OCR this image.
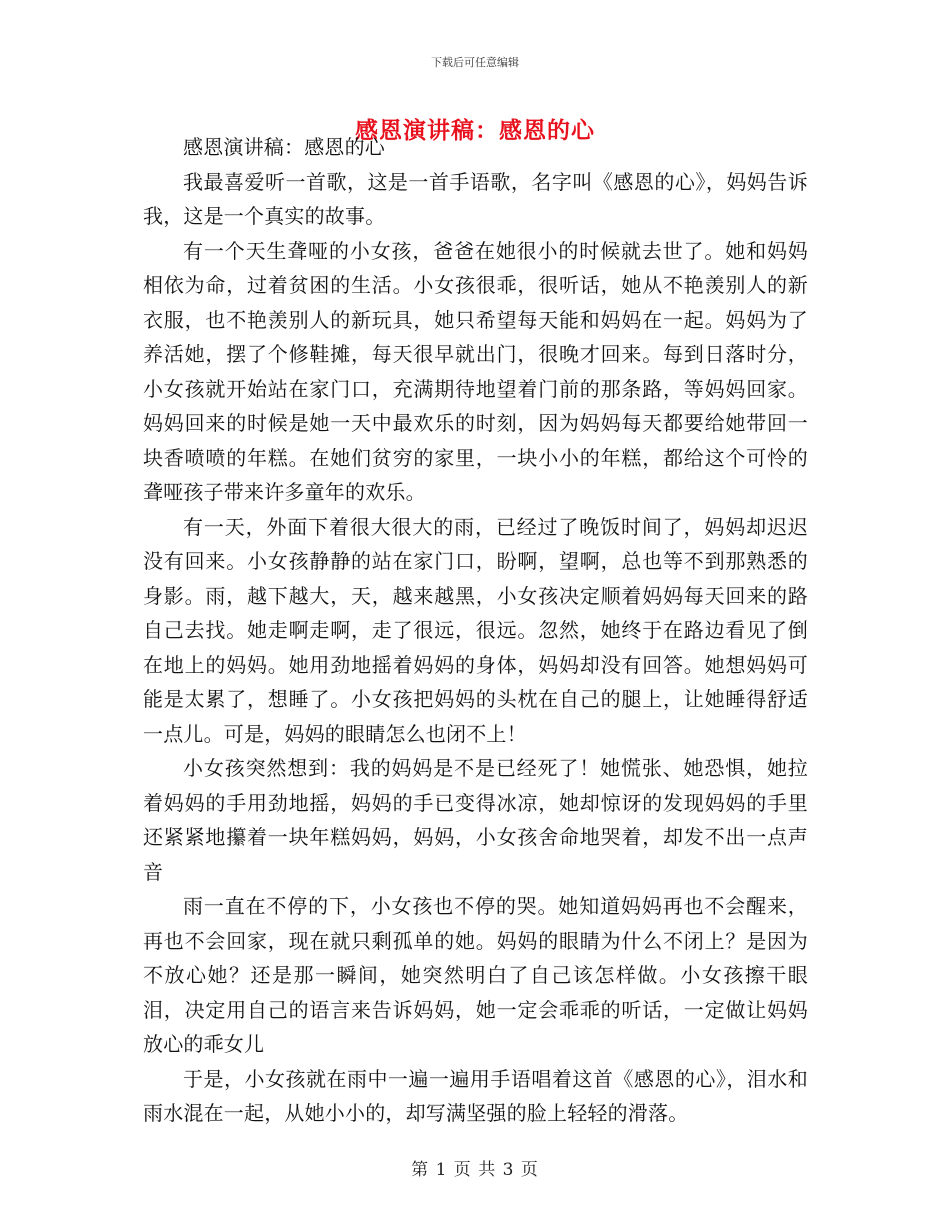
下载后可任意编辑
感恩演讲稿：感恩的心

感恩演讲稿：感恩的心

我最喜爱听一首歌，这是一首手语歌，名字叫《感恩的心》，妈妈告诉我，这是一个真实的故事。

有一个天生聋哑的小女孩，爸爸在她很小的时候就去世了。她和妈妈相依为命，过着贫困的生活。小女孩很乖，很听话，她从不艳羡别人的新衣服，也不艳羡别人的新玩具，她只希望每天能和妈妈在一起。妈妈为了养活她，摆了个修鞋摊，每天很早就出门，很晚才回来。每到日落时分，小女孩就开始站在家门口，充满期待地望着门前的那条路，等妈妈回家。妈妈回来的时候是她一天中最欢乐的时刻，因为妈妈每天都要给她带回一块香喷喷的年糕。在她们贫穷的家里，一块小小的年糕，都给这个可怜的聋哑孩子带来许多童年的欢乐。

有一天，外面下着很大很大的雨，已经过了晚饭时间了，妈妈却迟迟没有回来。小女孩静静的站在家门口，盼啊，望啊，总也等不到那熟悉的身影。雨，越下越大，天，越来越黑，小女孩决定顺着妈妈每天回来的路自己去找。她走啊走啊，走了很远，很远。忽然，她终于在路边看见了倒在地上的妈妈。她用劲地摇着妈妈的身体，妈妈却没有回答。她想妈妈可能是太累了，想睡了。小女孩把妈妈的头枕在自己的腿上，让她睡得舒适一点儿。可是，妈妈的眼睛怎么也闭不上！

小女孩突然想到：我的妈妈是不是已经死了！她慌张、她恐惧，她拉着妈妈的手用劲地摇，妈妈的手已变得冰凉，她却惊讶的发现妈妈的手里还紧紧地攥着一块年糕妈妈，妈妈，小女孩舍命地哭着，却发不出一点声音

雨一直在不停的下，小女孩也不停的哭。她知道妈妈再也不会醒来，再也不会回家，现在就只剩孤单的她。妈妈的眼睛为什么不闭上？是因为不放心她？还是那一瞬间，她突然明白了自己该怎样做。小女孩擦干眼泪，决定用自己的语言来告诉妈妈，她一定会乖乖的听话，一定做让妈妈放心的乖女儿

于是，小女孩就在雨中一遍一遍用手语唱着这首《感恩的心》，泪水和雨水混在一起，从她小小的，却写满坚强的脸上轻轻的滑落。

第 1 页 共 3 页
